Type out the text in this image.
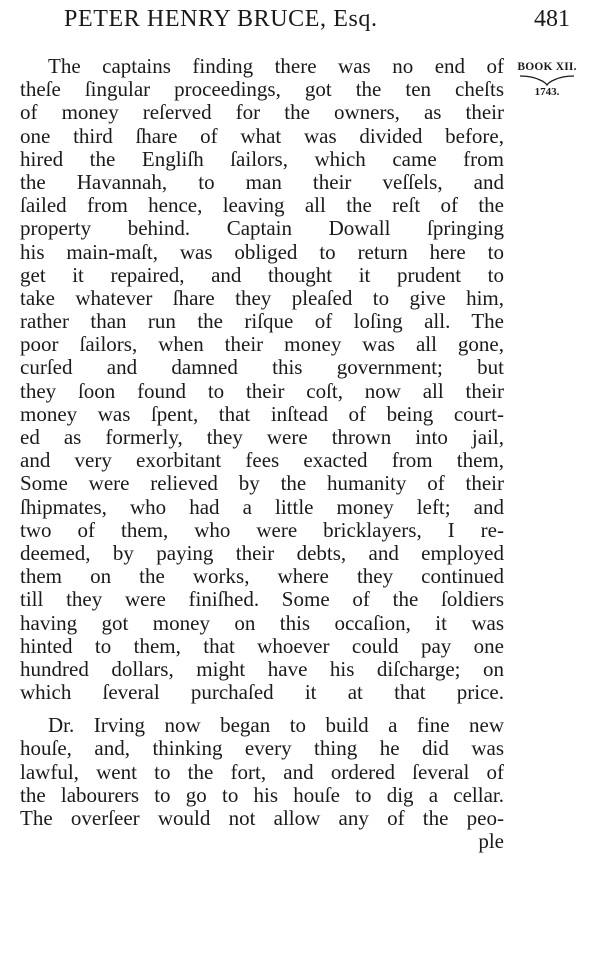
PETER HENRY BRUCE, Esq.	481
BOOK XII.
1743.
The captains finding there was no end of
theſe ſingular proceedings, got the ten cheſts
of money reſerved for the owners, as their
one third ſhare of what was divided before,
hired the Engliſh ſailors, which came from
the Havannah, to man their veſſels, and
ſailed from hence, leaving all the reſt of the
property behind. Captain Dowall ſpringing
his main-maſt, was obliged to return here to
get it repaired, and thought it prudent to
take whatever ſhare they pleaſed to give him,
rather than run the riſque of loſing all. The
poor ſailors, when their money was all gone,
curſed and damned this government; but
they ſoon found to their coſt, now all their
money was ſpent, that inſtead of being court-
ed as formerly, they were thrown into jail,
and very exorbitant fees exacted from them,
Some were relieved by the humanity of their
ſhipmates, who had a little money left; and
two of them, who were bricklayers, I re-
deemed, by paying their debts, and employed
them on the works, where they continued
till they were finiſhed. Some of the ſoldiers
having got money on this occaſion, it was
hinted to them, that whoever could pay one
hundred dollars, might have his diſcharge; on
which ſeveral purchaſed it at that price.
Dr. Irving now began to build a fine new
houſe, and, thinking every thing he did was
lawful, went to the fort, and ordered ſeveral of
the labourers to go to his houſe to dig a cellar.
The overſeer would not allow any of the peo-
ple
